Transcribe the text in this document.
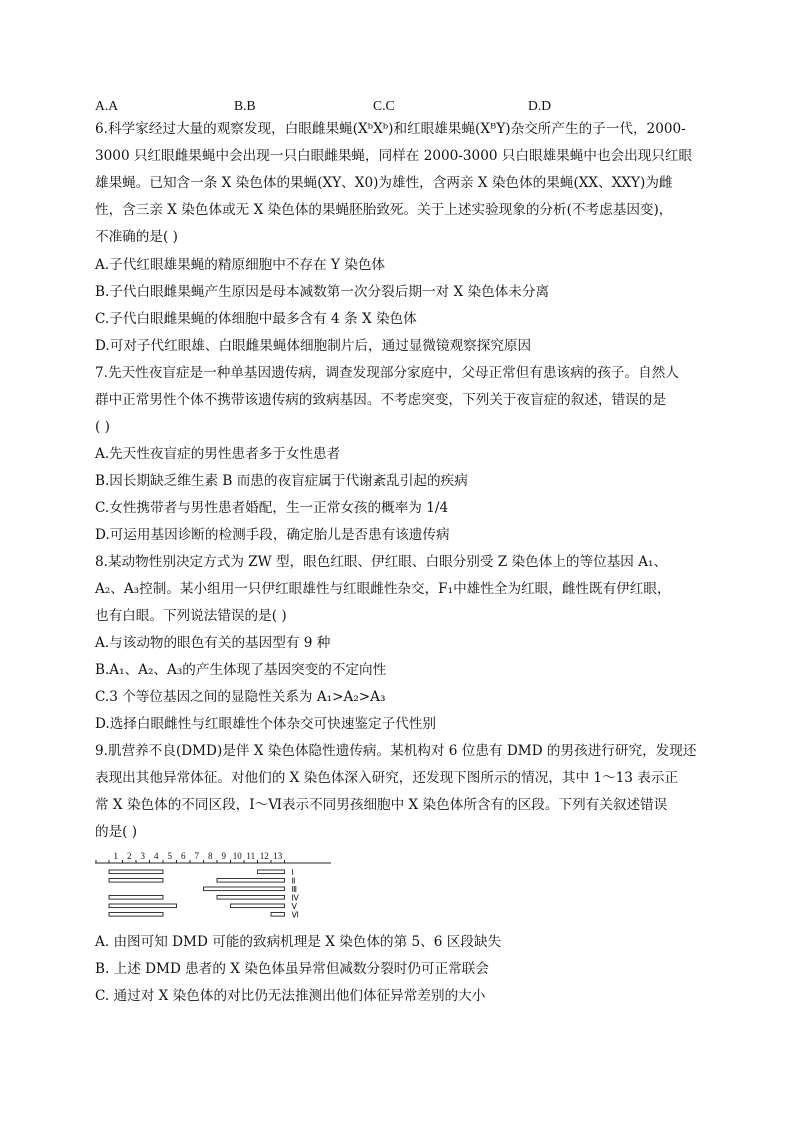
A.A	B.B	C.C	D.D
6.科学家经过大量的观察发现，白眼雌果蝇(XᵇXᵇ)和红眼雄果蝇(XᴮY)杂交所产生的子一代，2000-
3000 只红眼雌果蝇中会出现一只白眼雌果蝇，同样在 2000-3000 只白眼雄果蝇中也会出现只红眼
雄果蝇。已知含一条 X 染色体的果蝇(XY、X0)为雄性，含两亲 X 染色体的果蝇(XX、XXY)为雌
性，含三亲 X 染色体或无 X 染色体的果蝇胚胎致死。关于上述实验现象的分析(不考虑基因变)，
不准确的是( )
A.子代红眼雄果蝇的精原细胞中不存在 Y 染色体
B.子代白眼雌果蝇产生原因是母本减数第一次分裂后期一对 X 染色体未分离
C.子代白眼雌果蝇的体细胞中最多含有 4 条 X 染色体
D.可对子代红眼雄、白眼雌果蝇体细胞制片后，通过显微镜观察探究原因
7.先天性夜盲症是一种单基因遗传病，调查发现部分家庭中，父母正常但有患该病的孩子。自然人
群中正常男性个体不携带该遗传病的致病基因。不考虑突变，下列关于夜盲症的叙述，错误的是
( )
A.先天性夜盲症的男性患者多于女性患者
B.因长期缺乏维生素 B 而患的夜盲症属于代谢紊乱引起的疾病
C.女性携带者与男性患者婚配，生一正常女孩的概率为 1/4
D.可运用基因诊断的检测手段，确定胎儿是否患有该遗传病
8.某动物性别决定方式为 ZW 型，眼色红眼、伊红眼、白眼分别受 Z 染色体上的等位基因 A₁、
A₂、A₃控制。某小组用一只伊红眼雄性与红眼雌性杂交，F₁中雄性全为红眼，雌性既有伊红眼，
也有白眼。下列说法错误的是( )
A.与该动物的眼色有关的基因型有 9 种
B.A₁、A₂、A₃的产生体现了基因突变的不定向性
C.3 个等位基因之间的显隐性关系为 A₁>A₂>A₃
D.选择白眼雌性与红眼雄性个体杂交可快速鉴定子代性别
9.肌营养不良(DMD)是伴 X 染色体隐性遗传病。某机构对 6 位患有 DMD 的男孩进行研究，发现还
表现出其他异常体征。对他们的 X 染色体深入研究，还发现下图所示的情况，其中 1～13 表示正
常 X 染色体的不同区段，Ⅰ～Ⅵ表示不同男孩细胞中 X 染色体所含有的区段。下列有关叙述错误
的是( )
1 2 3 4 5 6 7 8 9 10 11 12 13
Ⅰ
Ⅱ
Ⅲ
Ⅳ
Ⅴ
Ⅵ
A. 由图可知 DMD 可能的致病机理是 X 染色体的第 5、6 区段缺失
B. 上述 DMD 患者的 X 染色体虽异常但减数分裂时仍可正常联会
C. 通过对 X 染色体的对比仍无法推测出他们体征异常差别的大小
